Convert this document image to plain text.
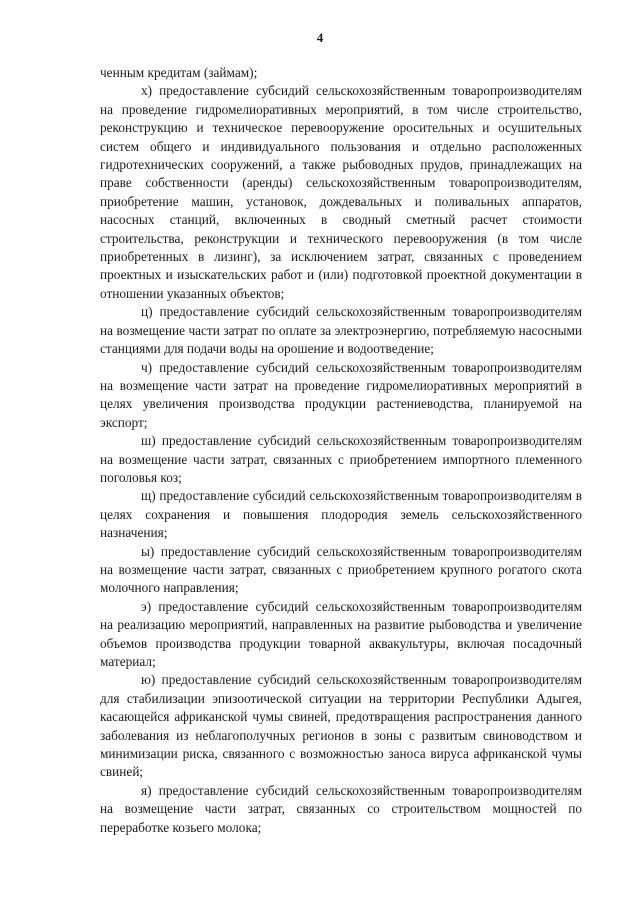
4

ченным кредитам (займам);

х) предоставление субсидий сельскохозяйственным товаропроизводителям на проведение гидромелиоративных мероприятий, в том числе строительство, реконструкцию и техническое перевооружение оросительных и осушительных систем общего и индивидуального пользования и отдельно расположенных гидротехнических сооружений, а также рыбоводных прудов, принадлежащих на праве собственности (аренды) сельскохозяйственным товаропроизводителям, приобретение машин, установок, дождевальных и поливальных аппаратов, насосных станций, включенных в сводный сметный расчет стоимости строительства, реконструкции и технического перевооружения (в том числе приобретенных в лизинг), за исключением затрат, связанных с проведением проектных и изыскательских работ и (или) подготовкой проектной документации в отношении указанных объектов;

ц) предоставление субсидий сельскохозяйственным товаропроизводителям на возмещение части затрат по оплате за электроэнергию, потребляемую насосными станциями для подачи воды на орошение и водоотведение;

ч) предоставление субсидий сельскохозяйственным товаропроизводителям на возмещение части затрат на проведение гидромелиоративных мероприятий в целях увеличения производства продукции растениеводства, планируемой на экспорт;

ш) предоставление субсидий сельскохозяйственным товаропроизводителям на возмещение части затрат, связанных с приобретением импортного племенного поголовья коз;

щ) предоставление субсидий сельскохозяйственным товаропроизводителям в целях сохранения и повышения плодородия земель сельскохозяйственного назначения;

ы) предоставление субсидий сельскохозяйственным товаропроизводителям на возмещение части затрат, связанных с приобретением крупного рогатого скота молочного направления;

э) предоставление субсидий сельскохозяйственным товаропроизводителям на реализацию мероприятий, направленных на развитие рыбоводства и увеличение объемов производства продукции товарной аквакультуры, включая посадочный материал;

ю) предоставление субсидий сельскохозяйственным товаропроизводителям для стабилизации эпизоотической ситуации на территории Республики Адыгея, касающейся африканской чумы свиней, предотвращения распространения данного заболевания из неблагополучных регионов в зоны с развитым свиноводством и минимизации риска, связанного с возможностью заноса вируса африканской чумы свиней;

я) предоставление субсидий сельскохозяйственным товаропроизводителям на возмещение части затрат, связанных со строительством мощностей по переработке козьего молока;
